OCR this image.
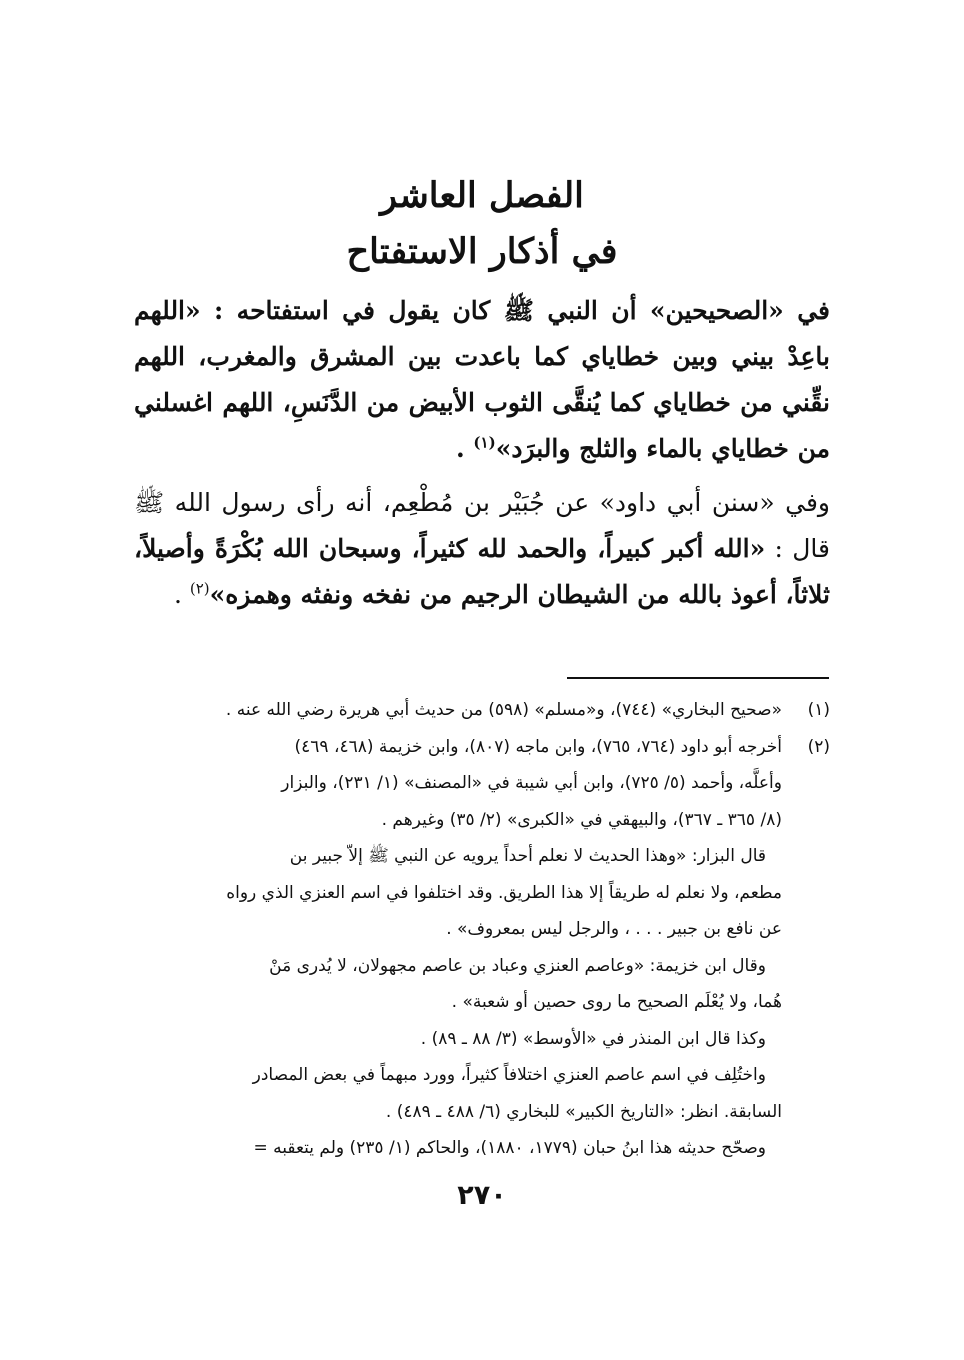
الفصل العاشر
في أذكار الاستفتاح

في «الصحيحين» أن النبي ﷺ كان يقول في استفتاحه : «اللهم باعِدْ بيني وبين خطاياي كما باعدت بين المشرق والمغرب، اللهم نقِّني من خطاياي كما يُنقَّى الثوب الأبيض من الدَّنَسِ، اللهم اغسلني من خطاياي بالماء والثلج والبرَد»$^{(١)}$ .

وفي «سنن أبي داود» عن جُبَيْر بن مُطْعِم، أنه رأى رسول الله ﷺ قال : «الله أكبر كبيراً، والحمد لله كثيراً، وسبحان الله بُكْرَةً وأصيلاً، ثلاثاً، أعوذ بالله من الشيطان الرجيم من نفخه ونفثه وهمزه»$^{(٢)}$ .

(١)
«صحيح البخاري» (٧٤٤)، و«مسلم» (٥٩٨) من حديث أبي هريرة رضي الله عنه .
(٢)
أخرجه أبو داود (٧٦٤، ٧٦٥)، وابن ماجه (٨٠٧)، وابن خزيمة (٤٦٨، ٤٦٩)
وأعلَّه، وأحمد (٥/ ٧٢٥)، وابن أبي شيبة في «المصنف» (١/ ٢٣١)، والبزار
(٨/ ٣٦٥ ـ ٣٦٧)، والبيهقي في «الكبرى» (٢/ ٣٥) وغيرهم .
قال البزار: «وهذا الحديث لا نعلم أحداً يرويه عن النبي ﷺ إلاّ جبير بن
مطعم، ولا نعلم له طريقاً إلا هذا الطريق. وقد اختلفوا في اسم العنزي الذي رواه
عن نافع بن جبير . . . ، والرجل ليس بمعروف» .
وقال ابن خزيمة: «وعاصم العنزي وعباد بن عاصم مجهولان، لا يُدرى مَنْ
هُما، ولا يُعْلَم الصحيح ما روى حصين أو شعبة» .
وكذا قال ابن المنذر في «الأوسط» (٣/ ٨٨ ـ ٨٩) .
واختُلِف في اسم عاصم العنزي اختلافاً كثيراً، وورد مبهماً في بعض المصادر
السابقة. انظر: «التاريخ الكبير» للبخاري (٦/ ٤٨٨ ـ ٤٨٩) .
وصحّح حديثه هذا ابنُ حبان (١٧٧٩، ١٨٨٠)، والحاكم (١/ ٢٣٥) ولم يتعقبه =
٢٧٠
